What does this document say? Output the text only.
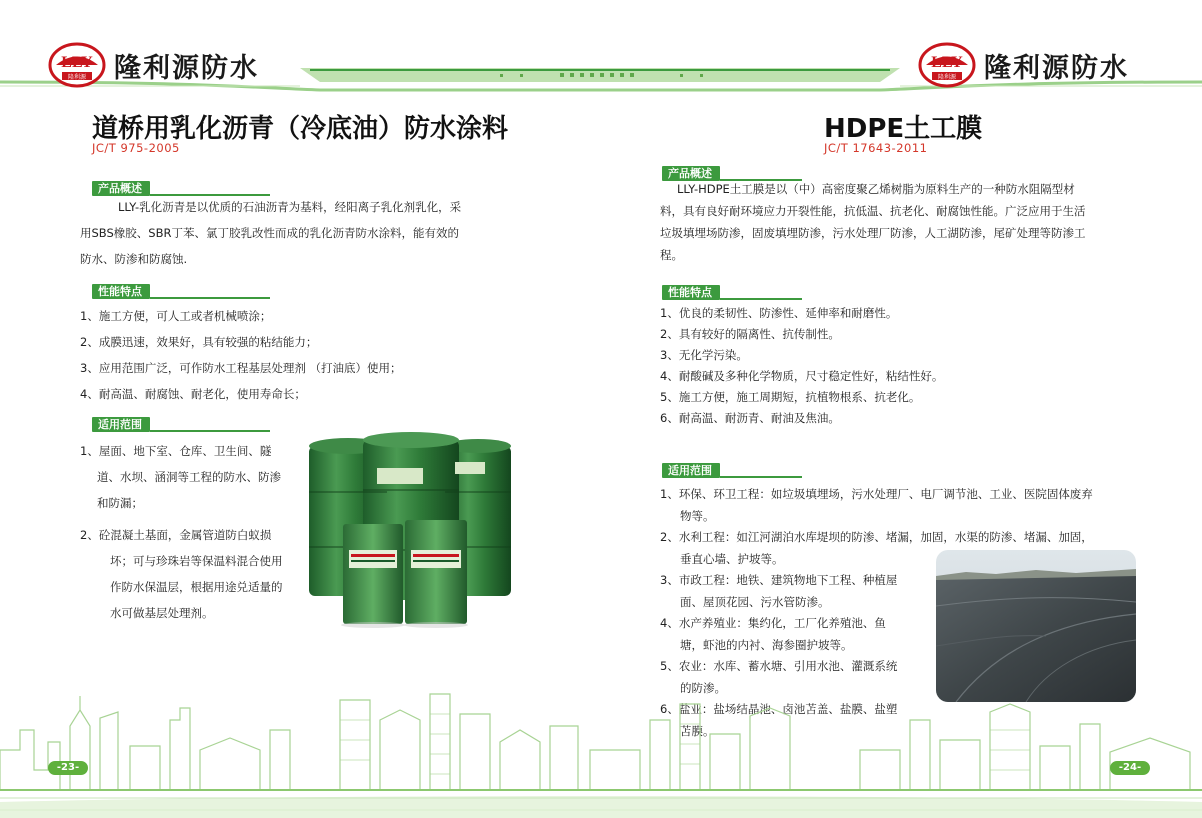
LLY
隆利源 隆利源防水	LLY
隆利源 隆利源防水
道桥用乳化沥青（冷底油）防水涂料
JC/T 975-2005
产品概述

LLY-乳化沥青是以优质的石油沥青为基料，经阳离子乳化剂乳化，采

用SBS橡胶、SBR丁苯、氯丁胶乳改性而成的乳化沥青防水涂料，能有效的

防水、防渗和防腐蚀.

性能特点

1、施工方便，可人工或者机械喷涂；

2、成膜迅速，效果好，具有较强的粘结能力；

3、应用范围广泛，可作防水工程基层处理剂 （打油底）使用；

4、耐高温、耐腐蚀、耐老化，使用寿命长；

适用范围

1、屋面、地下室、仓库、卫生间、隧

道、水坝、涵洞等工程的防水、防渗

和防漏；

2、砼混凝土基面，金属管道防白蚁损

坏；可与珍珠岩等保温料混合使用

作防水保温层，根据用途兑适量的

水可做基层处理剂。

HDPE土工膜
JC/T 17643-2011
产品概述

LLY-HDPE土工膜是以（中）高密度聚乙烯树脂为原料生产的一种防水阻隔型材

料，具有良好耐环境应力开裂性能，抗低温、抗老化、耐腐蚀性能。广泛应用于生活

垃圾填埋场防渗，固废填埋防渗，污水处理厂防渗，人工湖防渗，尾矿处理等防渗工

程。

性能特点

1、优良的柔韧性、防渗性、延伸率和耐磨性。

2、具有较好的隔离性、抗传制性。

3、无化学污染。

4、耐酸碱及多种化学物质，尺寸稳定性好，粘结性好。

5、施工方便，施工周期短，抗植物根系、抗老化。

6、耐高温、耐沥青、耐油及焦油。

适用范围

1、环保、环卫工程：如垃圾填埋场，污水处理厂、电厂调节池、工业、医院固体废弃

物等。

2、水利工程：如江河湖泊水库堤坝的防渗、堵漏，加固，水渠的防渗、堵漏、加固，

垂直心墙、护坡等。

3、市政工程：地铁、建筑物地下工程、种植屋

面、屋顶花园、污水管防渗。

4、水产养殖业：集约化，工厂化养殖池、鱼

塘，虾池的内衬、海参圈护坡等。

5、农业：水库、蓄水塘、引用水池、灌溉系统

的防渗。

6、盐业：盐场结晶池、卤池苫盖、盐膜、盐塑

苫膜。

-23-	-24-
